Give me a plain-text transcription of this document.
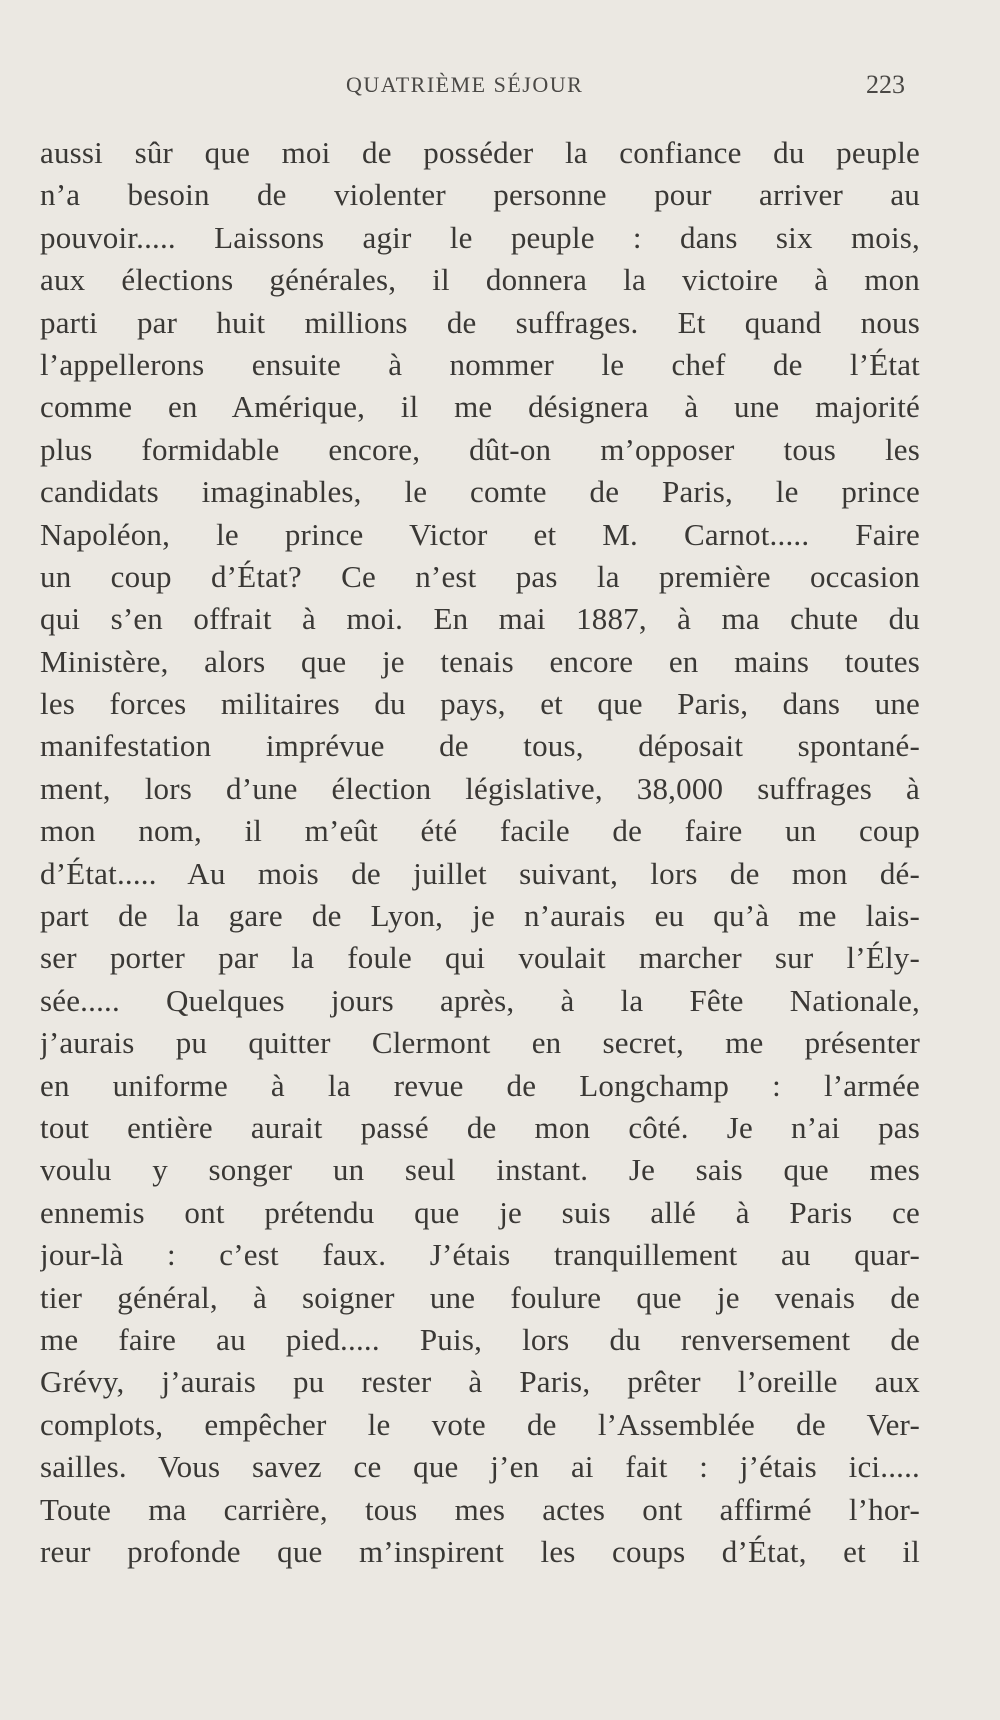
QUATRIÈME SÉJOUR	223
aussi sûr que moi de posséder la confiance du peuple
n’a besoin de violenter personne pour arriver au
pouvoir..... Laissons agir le peuple : dans six mois,
aux élections générales, il donnera la victoire à mon
parti par huit millions de suffrages. Et quand nous
l’appellerons ensuite à nommer le chef de l’État
comme en Amérique, il me désignera à une majorité
plus formidable encore, dût-on m’opposer tous les
candidats imaginables, le comte de Paris, le prince
Napoléon, le prince Victor et M. Carnot..... Faire
un coup d’État? Ce n’est pas la première occasion
qui s’en offrait à moi. En mai 1887, à ma chute du
Ministère, alors que je tenais encore en mains toutes
les forces militaires du pays, et que Paris, dans une
manifestation imprévue de tous, déposait spontané-
ment, lors d’une élection législative, 38,000 suffrages à
mon nom, il m’eût été facile de faire un coup
d’État..... Au mois de juillet suivant, lors de mon dé-
part de la gare de Lyon, je n’aurais eu qu’à me lais-
ser porter par la foule qui voulait marcher sur l’Ély-
sée..... Quelques jours après, à la Fête Nationale,
j’aurais pu quitter Clermont en secret, me présenter
en uniforme à la revue de Longchamp : l’armée
tout entière aurait passé de mon côté. Je n’ai pas
voulu y songer un seul instant. Je sais que mes
ennemis ont prétendu que je suis allé à Paris ce
jour-là : c’est faux. J’étais tranquillement au quar-
tier général, à soigner une foulure que je venais de
me faire au pied..... Puis, lors du renversement de
Grévy, j’aurais pu rester à Paris, prêter l’oreille aux
complots, empêcher le vote de l’Assemblée de Ver-
sailles. Vous savez ce que j’en ai fait : j’étais ici.....
Toute ma carrière, tous mes actes ont affirmé l’hor-
reur profonde que m’inspirent les coups d’État, et il
